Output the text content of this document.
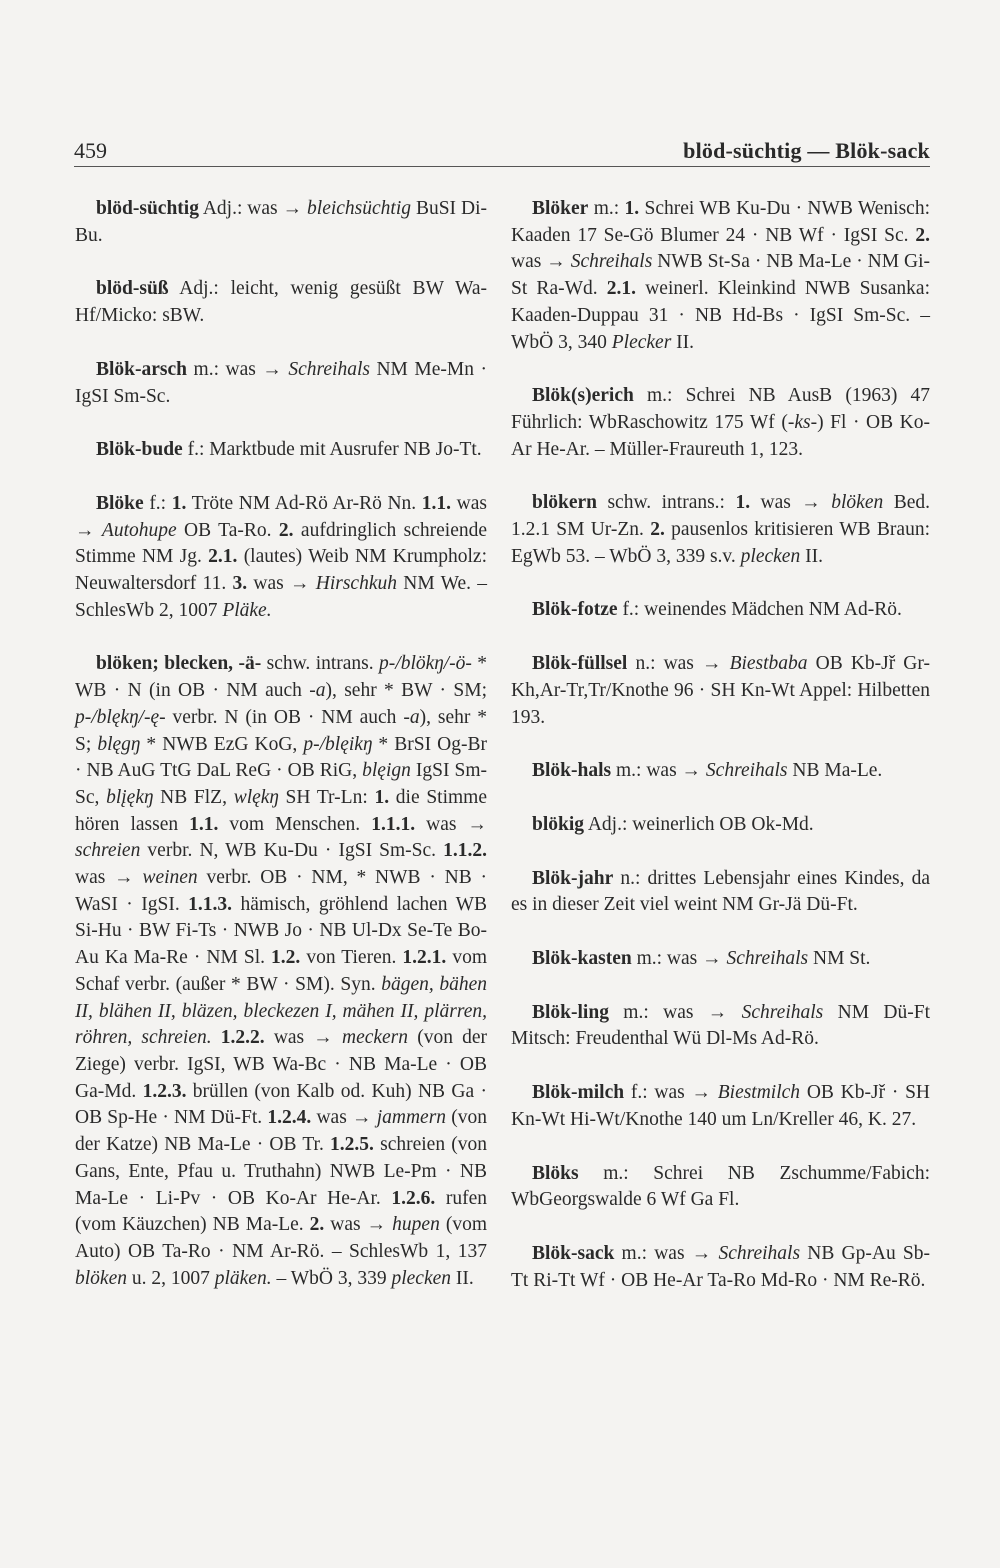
459	blöd-süchtig — Blök-sack

blöd-süchtig Adj.: was → bleichsüchtig BuSI Di-Bu.

blöd-süß Adj.: leicht, wenig gesüßt BW Wa-Hf/Micko: sBW.

Blök-arsch m.: was → Schreihals NM Me-Mn · IgSI Sm-Sc.

Blök-bude f.: Marktbude mit Ausrufer NB Jo-Tt.

Blöke f.: 1. Tröte NM Ad-Rö Ar-Rö Nn. 1.1. was → Autohupe OB Ta-Ro. 2. aufdringlich schreiende Stimme NM Jg. 2.1. (lautes) Weib NM Krumpholz: Neuwaltersdorf 11. 3. was → Hirschkuh NM We. – SchlesWb 2, 1007 Pläke.

blöken; blecken, -ä- schw. intrans. p-/blökŋ/-ö- * WB · N (in OB · NM auch -a), sehr * BW · SM; p-/blękŋ/-ę- verbr. N (in OB · NM auch -a), sehr * S; blęgŋ * NWB EzG KoG, p-/blęikŋ * BrSI Og-Br · NB AuG TtG DaL ReG · OB RiG, blęign IgSI Sm-Sc, blįękŋ NB FlZ, wlękŋ SH Tr-Ln: 1. die Stimme hören lassen 1.1. vom Menschen. 1.1.1. was → schreien verbr. N, WB Ku-Du · IgSI Sm-Sc. 1.1.2. was → weinen verbr. OB · NM, * NWB · NB · WaSI · IgSI. 1.1.3. hämisch, gröhlend lachen WB Si-Hu · BW Fi-Ts · NWB Jo · NB Ul-Dx Se-Te Bo-Au Ka Ma-Re · NM Sl. 1.2. von Tieren. 1.2.1. vom Schaf verbr. (außer * BW · SM). Syn. bägen, bähen II, blähen II, bläzen, bleckezen I, mähen II, plärren, röhren, schreien. 1.2.2. was → meckern (von der Ziege) verbr. IgSI, WB Wa-Bc · NB Ma-Le · OB Ga-Md. 1.2.3. brüllen (von Kalb od. Kuh) NB Ga · OB Sp-He · NM Dü-Ft. 1.2.4. was → jammern (von der Katze) NB Ma-Le · OB Tr. 1.2.5. schreien (von Gans, Ente, Pfau u. Truthahn) NWB Le-Pm · NB Ma-Le · Li-Pv · OB Ko-Ar He-Ar. 1.2.6. rufen (vom Käuzchen) NB Ma-Le. 2. was → hupen (vom Auto) OB Ta-Ro · NM Ar-Rö. – SchlesWb 1, 137 blöken u. 2, 1007 pläken. – WbÖ 3, 339 plecken II.

Blöker m.: 1. Schrei WB Ku-Du · NWB Wenisch: Kaaden 17 Se-Gö Blumer 24 · NB Wf · IgSI Sc. 2. was → Schreihals NWB St-Sa · NB Ma-Le · NM Gi-St Ra-Wd. 2.1. weinerl. Kleinkind NWB Susanka: Kaaden-Duppau 31 · NB Hd-Bs · IgSI Sm-Sc. – WbÖ 3, 340 Plecker II.

Blök(s)erich m.: Schrei NB AusB (1963) 47 Führlich: WbRaschowitz 175 Wf (-ks-) Fl · OB Ko-Ar He-Ar. – Müller-Fraureuth 1, 123.

blökern schw. intrans.: 1. was → blöken Bed. 1.2.1 SM Ur-Zn. 2. pausenlos kritisieren WB Braun: EgWb 53. – WbÖ 3, 339 s.v. plecken II.

Blök-fotze f.: weinendes Mädchen NM Ad-Rö.

Blök-füllsel n.: was → Biestbaba OB Kb-Jř Gr-Kh,Ar-Tr,Tr/Knothe 96 · SH Kn-Wt Appel: Hilbetten 193.

Blök-hals m.: was → Schreihals NB Ma-Le.

blökig Adj.: weinerlich OB Ok-Md.

Blök-jahr n.: drittes Lebensjahr eines Kindes, da es in dieser Zeit viel weint NM Gr-Jä Dü-Ft.

Blök-kasten m.: was → Schreihals NM St.

Blök-ling m.: was → Schreihals NM Dü-Ft Mitsch: Freudenthal Wü Dl-Ms Ad-Rö.

Blök-milch f.: was → Biestmilch OB Kb-Jř · SH Kn-Wt Hi-Wt/Knothe 140 um Ln/Kreller 46, K. 27.

Blöks m.: Schrei NB Zschumme/Fabich: WbGeorgswalde 6 Wf Ga Fl.

Blök-sack m.: was → Schreihals NB Gp-Au Sb-Tt Ri-Tt Wf · OB He-Ar Ta-Ro Md-Ro · NM Re-Rö.
